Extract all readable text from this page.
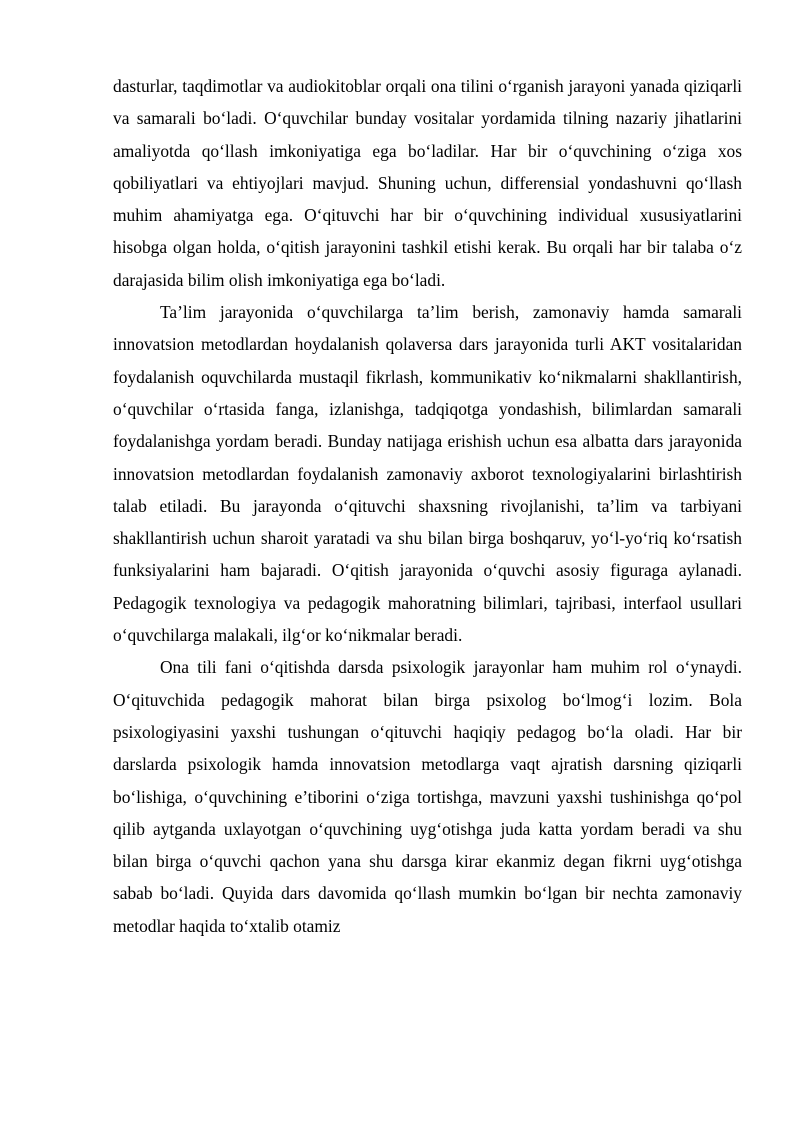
dasturlar, taqdimotlar va audiokitoblar orqali ona tilini o‘rganish jarayoni yanada qiziqarli va samarali bo‘ladi. O‘quvchilar bunday vositalar yordamida tilning nazariy jihatlarini amaliyotda qo‘llash imkoniyatiga ega bo‘ladilar. Har bir o‘quvchining o‘ziga xos qobiliyatlari va ehtiyojlari mavjud. Shuning uchun, differensial yondashuvni qo‘llash muhim ahamiyatga ega. O‘qituvchi har bir o‘quvchining individual xususiyatlarini hisobga olgan holda, o‘qitish jarayonini tashkil etishi kerak. Bu orqali har bir talaba o‘z darajasida bilim olish imkoniyatiga ega bo‘ladi.

Ta’lim jarayonida o‘quvchilarga ta’lim berish, zamonaviy hamda samarali innovatsion metodlardan hoydalanish qolaversa dars jarayonida turli AKT vositalaridan foydalanish oquvchilarda mustaqil fikrlash, kommunikativ ko‘nikmalarni shakllantirish, o‘quvchilar o‘rtasida fanga, izlanishga, tadqiqotga yondashish, bilimlardan samarali foydalanishga yordam beradi. Bunday natijaga erishish uchun esa albatta dars jarayonida innovatsion metodlardan foydalanish zamonaviy axborot texnologiyalarini birlashtirish talab etiladi. Bu jarayonda o‘qituvchi shaxsning rivojlanishi, ta’lim va tarbiyani shakllantirish uchun sharoit yaratadi va shu bilan birga boshqaruv, yo‘l-yo‘riq ko‘rsatish funksiyalarini ham bajaradi. O‘qitish jarayonida o‘quvchi asosiy figuraga aylanadi. Pedagogik texnologiya va pedagogik mahoratning bilimlari, tajribasi, interfaol usullari o‘quvchilarga malakali, ilg‘or ko‘nikmalar beradi.

Ona tili fani o‘qitishda darsda psixologik jarayonlar ham muhim rol o‘ynaydi. O‘qituvchida pedagogik mahorat bilan birga psixolog bo‘lmog‘i lozim. Bola psixologiyasini yaxshi tushungan o‘qituvchi haqiqiy pedagog bo‘la oladi. Har bir darslarda psixologik hamda innovatsion metodlarga vaqt ajratish darsning qiziqarli bo‘lishiga, o‘quvchining e’tiborini o‘ziga tortishga, mavzuni yaxshi tushinishga qo‘pol qilib aytganda uxlayotgan o‘quvchining uyg‘otishga juda katta yordam beradi va shu bilan birga o‘quvchi qachon yana shu darsga kirar ekanmiz degan fikrni uyg‘otishga sabab bo‘ladi. Quyida dars davomida qo‘llash mumkin bo‘lgan bir nechta zamonaviy metodlar haqida to‘xtalib otamiz
